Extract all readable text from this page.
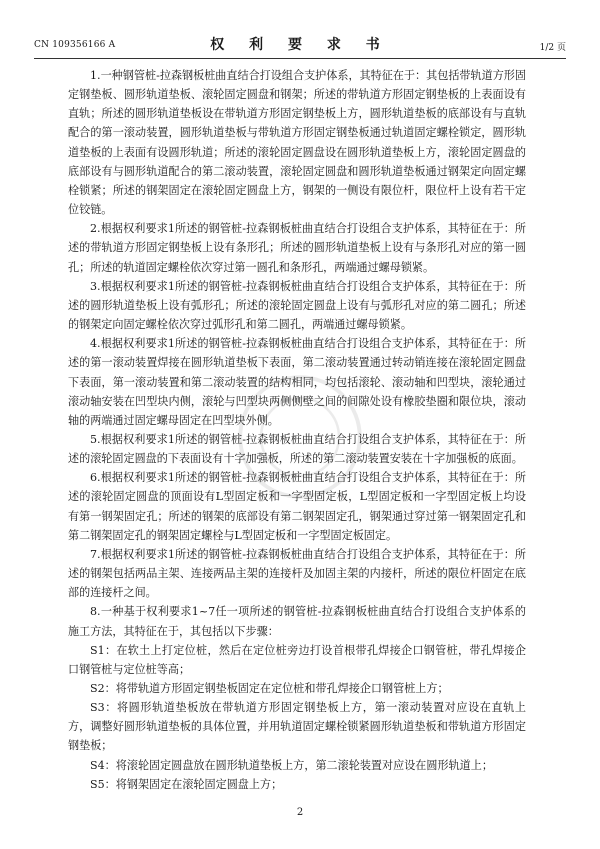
CN 109356166 A	权 利 要 求 书	1/2 页

1.一种钢管桩-拉森钢板桩曲直结合打设组合支护体系，其特征在于：其包括带轨道方形固定钢垫板、圆形轨道垫板、滚轮固定圆盘和钢架；所述的带轨道方形固定钢垫板的上表面设有直轨；所述的圆形轨道垫板设在带轨道方形固定钢垫板上方，圆形轨道垫板的底部设有与直轨配合的第一滚动装置，圆形轨道垫板与带轨道方形固定钢垫板通过轨道固定螺栓锁定，圆形轨道垫板的上表面有设圆形轨道；所述的滚轮固定圆盘设在圆形轨道垫板上方，滚轮固定圆盘的底部设有与圆形轨道配合的第二滚动装置，滚轮固定圆盘和圆形轨道垫板通过钢架定向固定螺栓锁紧；所述的钢架固定在滚轮固定圆盘上方，钢架的一侧设有限位杆，限位杆上设有若干定位铰链。

2.根据权利要求1所述的钢管桩-拉森钢板桩曲直结合打设组合支护体系，其特征在于：所述的带轨道方形固定钢垫板上设有条形孔；所述的圆形轨道垫板上设有与条形孔对应的第一圆孔；所述的轨道固定螺栓依次穿过第一圆孔和条形孔，两端通过螺母锁紧。

3.根据权利要求1所述的钢管桩-拉森钢板桩曲直结合打设组合支护体系，其特征在于：所述的圆形轨道垫板上设有弧形孔；所述的滚轮固定圆盘上设有与弧形孔对应的第二圆孔；所述的钢架定向固定螺栓依次穿过弧形孔和第二圆孔，两端通过螺母锁紧。

4.根据权利要求1所述的钢管桩-拉森钢板桩曲直结合打设组合支护体系，其特征在于：所述的第一滚动装置焊接在圆形轨道垫板下表面，第二滚动装置通过转动销连接在滚轮固定圆盘下表面，第一滚动装置和第二滚动装置的结构相同，均包括滚轮、滚动轴和凹型块，滚轮通过滚动轴安装在凹型块内侧，滚轮与凹型块两侧侧壁之间的间隙处设有橡胶垫圈和限位块，滚动轴的两端通过固定螺母固定在凹型块外侧。

5.根据权利要求1所述的钢管桩-拉森钢板桩曲直结合打设组合支护体系，其特征在于：所述的滚轮固定圆盘的下表面设有十字加强板，所述的第二滚动装置安装在十字加强板的底面。

6.根据权利要求1所述的钢管桩-拉森钢板桩曲直结合打设组合支护体系，其特征在于：所述的滚轮固定圆盘的顶面设有L型固定板和一字型固定板，L型固定板和一字型固定板上均设有第一钢架固定孔；所述的钢架的底部设有第二钢架固定孔，钢架通过穿过第一钢架固定孔和第二钢架固定孔的钢架固定螺栓与L型固定板和一字型固定板固定。

7.根据权利要求1所述的钢管桩-拉森钢板桩曲直结合打设组合支护体系，其特征在于：所述的钢架包括两品主架、连接两品主架的连接杆及加固主架的内接杆，所述的限位杆固定在底部的连接杆之间。

8.一种基于权利要求1~7任一项所述的钢管桩-拉森钢板桩曲直结合打设组合支护体系的施工方法，其特征在于，其包括以下步骤：

S1：在软土上打定位桩，然后在定位桩旁边打设首根带孔焊接企口钢管桩，带孔焊接企口钢管桩与定位桩等高；

S2：将带轨道方形固定钢垫板固定在定位桩和带孔焊接企口钢管桩上方；

S3：将圆形轨道垫板放在带轨道方形固定钢垫板上方，第一滚动装置对应设在直轨上方，调整好圆形轨道垫板的具体位置，并用轨道固定螺栓锁紧圆形轨道垫板和带轨道方形固定钢垫板；

S4：将滚轮固定圆盘放在圆形轨道垫板上方，第二滚轮装置对应设在圆形轨道上；

S5：将钢架固定在滚轮固定圆盘上方；

2
